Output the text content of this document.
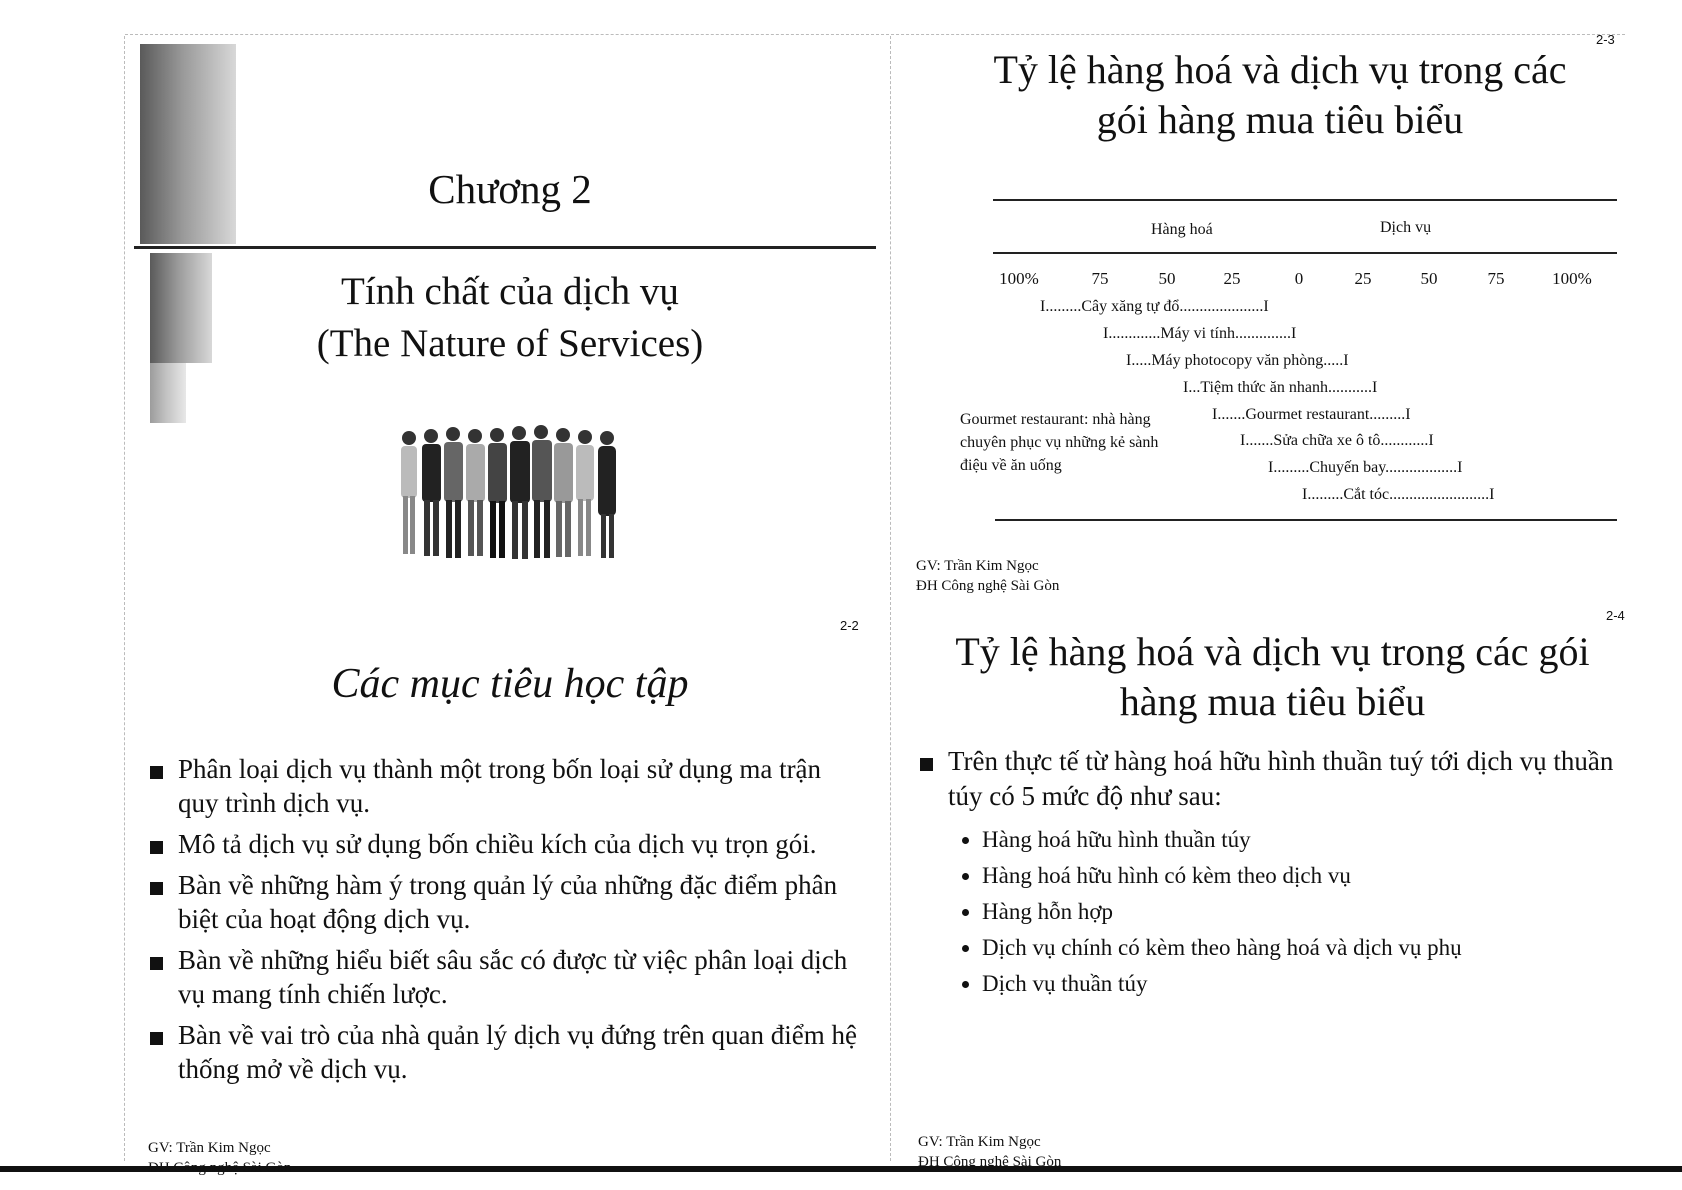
Chương 2
Tính chất của dịch vụ
(The Nature of Services)
2-2
Các mục tiêu học tập
Phân loại dịch vụ thành một trong bốn loại sử dụng ma trận quy trình dịch vụ.
Mô tả dịch vụ sử dụng bốn chiều kích của dịch vụ trọn gói.
Bàn về những hàm ý trong quản lý của những đặc điểm phân biệt của hoạt động dịch vụ.
Bàn về những hiểu biết sâu sắc có được từ việc phân loại dịch vụ mang tính chiến lược.
Bàn về vai trò của nhà quản lý dịch vụ đứng trên quan điểm hệ thống mở về dịch vụ.
GV: Trần Kim Ngọc
ĐH Công nghệ Sài Gòn
2-3
Tỷ lệ hàng hoá và dịch vụ trong các
gói hàng mua tiêu biểu
Hàng hoá	Dịch vụ
100%	75	50	25	0	25	50	75	100%
I.........Cây xăng tự đổ.....................I
I.............Máy vi tính..............I
I.....Máy photocopy văn phòng.....I
I...Tiệm thức ăn nhanh...........I
I.......Gourmet restaurant.........I
I.......Sửa chữa xe ô tô............I
I.........Chuyến bay..................I
I.........Cắt tóc.........................I
Gourmet restaurant: nhà hàng chuyên phục vụ những kẻ sành điệu về ăn uống
GV: Trần Kim Ngọc
ĐH Công nghệ Sài Gòn
2-4
Tỷ lệ hàng hoá và dịch vụ trong các gói
hàng mua tiêu biểu
Trên thực tế từ hàng hoá hữu hình thuần tuý tới dịch vụ thuần túy có 5 mức độ như sau:
Hàng hoá hữu hình thuần túy
Hàng hoá hữu hình có kèm theo dịch vụ
Hàng hỗn hợp
Dịch vụ chính có kèm theo hàng hoá và dịch vụ phụ
Dịch vụ thuần túy
GV: Trần Kim Ngọc
ĐH Công nghệ Sài Gòn
